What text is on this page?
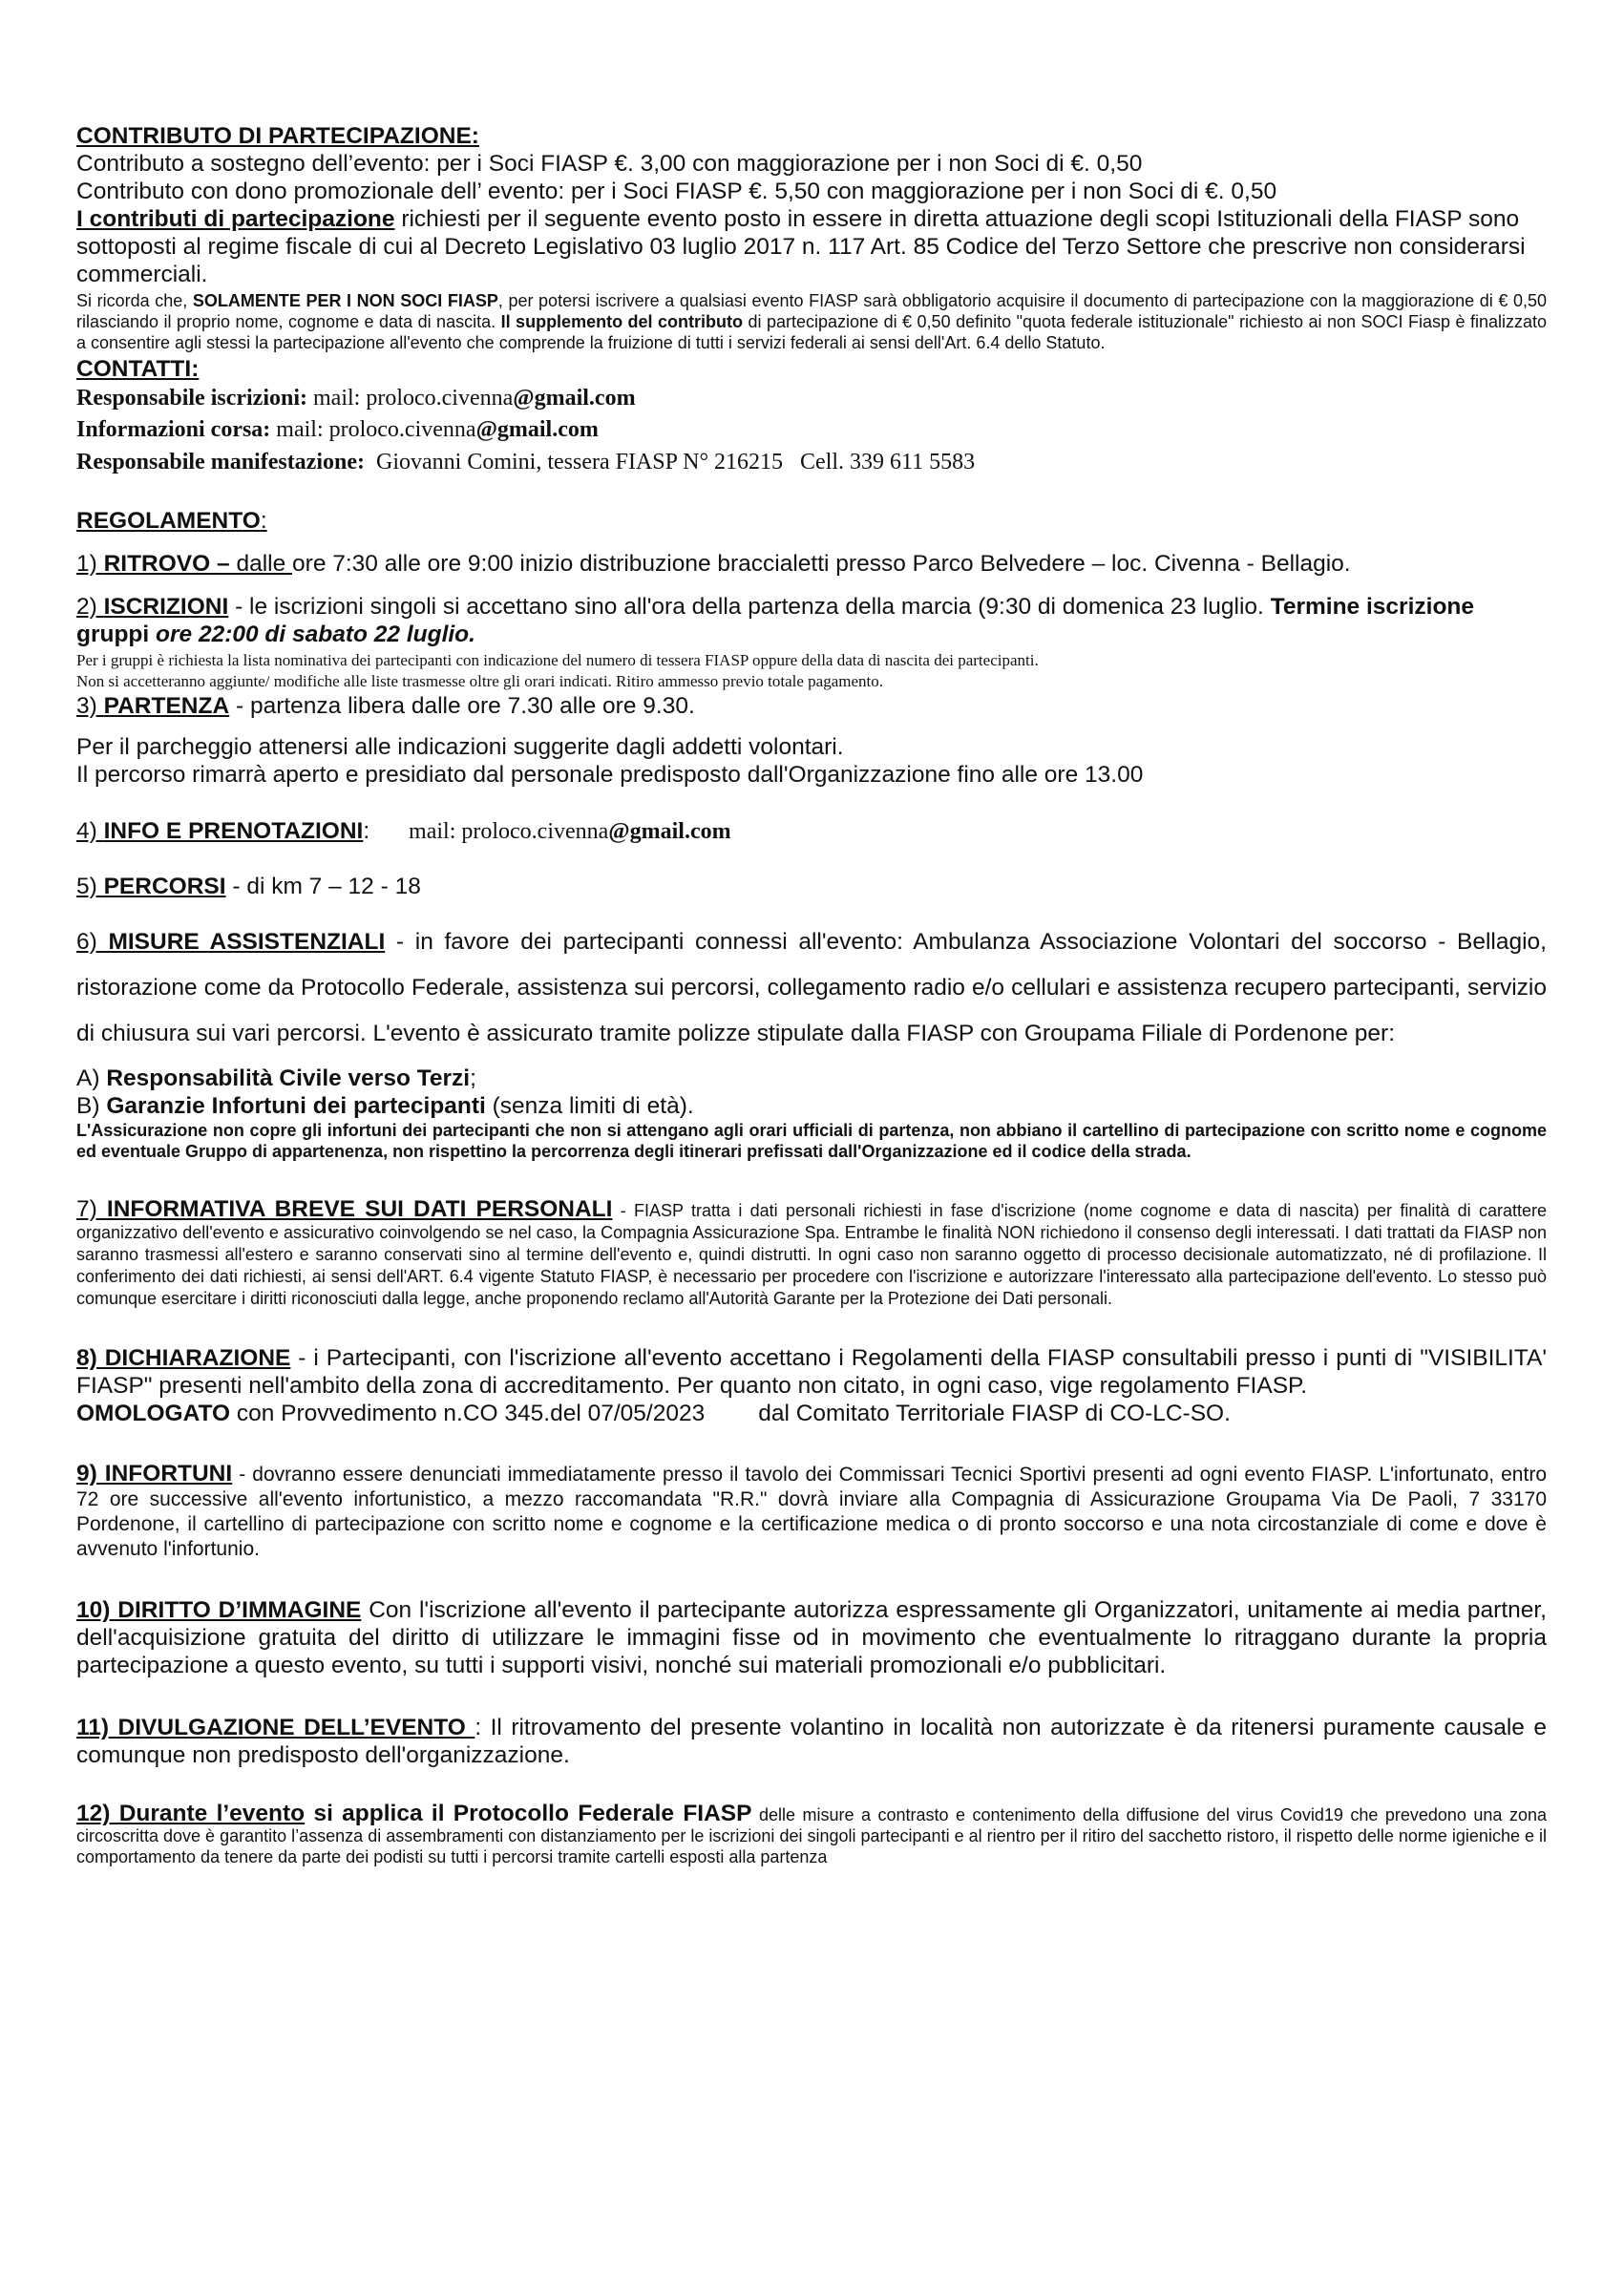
CONTRIBUTO DI PARTECIPAZIONE:

Contributo a sostegno dell’evento: per i Soci FIASP €. 3,00 con maggiorazione per i non Soci di €. 0,50

Contributo con dono promozionale dell’ evento: per i Soci FIASP €. 5,50 con maggiorazione per i non Soci di €. 0,50

I contributi di partecipazione richiesti per il seguente evento posto in essere in diretta attuazione degli scopi Istituzionali della FIASP sono sottoposti al regime fiscale di cui al Decreto Legislativo 03 luglio 2017 n. 117 Art. 85 Codice del Terzo Settore che prescrive non considerarsi commerciali.

Si ricorda che, SOLAMENTE PER I NON SOCI FIASP, per potersi iscrivere a qualsiasi evento FIASP sarà obbligatorio acquisire il documento di partecipazione con la maggiorazione di € 0,50 rilasciando il proprio nome, cognome e data di nascita. Il supplemento del contributo di partecipazione di € 0,50 definito "quota federale istituzionale" richiesto ai non SOCI Fiasp è finalizzato a consentire agli stessi la partecipazione all'evento che comprende la fruizione di tutti i servizi federali ai sensi dell'Art. 6.4 dello Statuto.

CONTATTI:

Responsabile iscrizioni: mail: proloco.civenna@gmail.com

Informazioni corsa: mail: proloco.civenna@gmail.com

Responsabile manifestazione:  Giovanni Comini, tessera FIASP N° 216215   Cell. 339 611 5583

REGOLAMENTO:

1) RITROVO – dalle ore 7:30 alle ore 9:00 inizio distribuzione braccialetti presso Parco Belvedere – loc. Civenna - Bellagio.

2) ISCRIZIONI - le iscrizioni singoli si accettano sino all'ora della partenza della marcia (9:30 di domenica 23 luglio. Termine iscrizione gruppi ore 22:00 di sabato 22 luglio.

Per i gruppi è richiesta la lista nominativa dei partecipanti con indicazione del numero di tessera FIASP oppure della data di nascita dei partecipanti.

Non si accetteranno aggiunte/ modifiche alle liste trasmesse oltre gli orari indicati. Ritiro ammesso previo totale pagamento.

3) PARTENZA - partenza libera dalle ore 7.30 alle ore 9.30.

Per il parcheggio attenersi alle indicazioni suggerite dagli addetti volontari.

Il percorso rimarrà aperto e presidiato dal personale predisposto dall'Organizzazione fino alle ore 13.00

4) INFO E PRENOTAZIONI:      mail: proloco.civenna@gmail.com

5) PERCORSI - di km 7 – 12 - 18

6) MISURE ASSISTENZIALI - in favore dei partecipanti connessi all'evento: Ambulanza Associazione Volontari del soccorso - Bellagio, ristorazione come da Protocollo Federale, assistenza sui percorsi, collegamento radio e/o cellulari e assistenza recupero partecipanti, servizio di chiusura sui vari percorsi. L'evento è assicurato tramite polizze stipulate dalla FIASP con Groupama Filiale di Pordenone per:

A) Responsabilità Civile verso Terzi;

B) Garanzie Infortuni dei partecipanti (senza limiti di età).

L'Assicurazione non copre gli infortuni dei partecipanti che non si attengano agli orari ufficiali di partenza, non abbiano il cartellino di partecipazione con scritto nome e cognome ed eventuale Gruppo di appartenenza, non rispettino la percorrenza degli itinerari prefissati dall'Organizzazione ed il codice della strada.

7) INFORMATIVA BREVE SUI DATI PERSONALI - FIASP tratta i dati personali richiesti in fase d'iscrizione (nome cognome e data di nascita) per finalità di carattere organizzativo dell'evento e assicurativo coinvolgendo se nel caso, la Compagnia Assicurazione Spa. Entrambe le finalità NON richiedono il consenso degli interessati. I dati trattati da FIASP non saranno trasmessi all'estero e saranno conservati sino al termine dell'evento e, quindi distrutti. In ogni caso non saranno oggetto di processo decisionale automatizzato, né di profilazione. Il conferimento dei dati richiesti, ai sensi dell'ART. 6.4 vigente Statuto FIASP, è necessario per procedere con l'iscrizione e autorizzare l'interessato alla partecipazione dell'evento. Lo stesso può comunque esercitare i diritti riconosciuti dalla legge, anche proponendo reclamo all'Autorità Garante per la Protezione dei Dati personali.

8) DICHIARAZIONE - i Partecipanti, con l'iscrizione all'evento accettano i Regolamenti della FIASP consultabili presso i punti di "VISIBILITA' FIASP" presenti nell'ambito della zona di accreditamento. Per quanto non citato, in ogni caso, vige regolamento FIASP.

OMOLOGATO con Provvedimento n.CO 345.del 07/05/2023 dal Comitato Territoriale FIASP di CO-LC-SO.

9) INFORTUNI - dovranno essere denunciati immediatamente presso il tavolo dei Commissari Tecnici Sportivi presenti ad ogni evento FIASP. L'infortunato, entro 72 ore successive all'evento infortunistico, a mezzo raccomandata "R.R." dovrà inviare alla Compagnia di Assicurazione Groupama Via De Paoli, 7 33170 Pordenone, il cartellino di partecipazione con scritto nome e cognome e la certificazione medica o di pronto soccorso e una nota circostanziale di come e dove è avvenuto l'infortunio.

10) DIRITTO D’IMMAGINE Con l'iscrizione all'evento il partecipante autorizza espressamente gli Organizzatori, unitamente ai media partner, dell'acquisizione gratuita del diritto di utilizzare le immagini fisse od in movimento che eventualmente lo ritraggano durante la propria partecipazione a questo evento, su tutti i supporti visivi, nonché sui materiali promozionali e/o pubblicitari.

11) DIVULGAZIONE DELL’EVENTO : Il ritrovamento del presente volantino in località non autorizzate è da ritenersi puramente causale e comunque non predisposto dell'organizzazione.

12) Durante l’evento si applica il Protocollo Federale FIASP delle misure a contrasto e contenimento della diffusione del virus Covid19 che prevedono una zona circoscritta dove è garantito l’assenza di assembramenti con distanziamento per le iscrizioni dei singoli partecipanti e al rientro per il ritiro del sacchetto ristoro, il rispetto delle norme igieniche e il comportamento da tenere da parte dei podisti su tutti i percorsi tramite cartelli esposti alla partenza
